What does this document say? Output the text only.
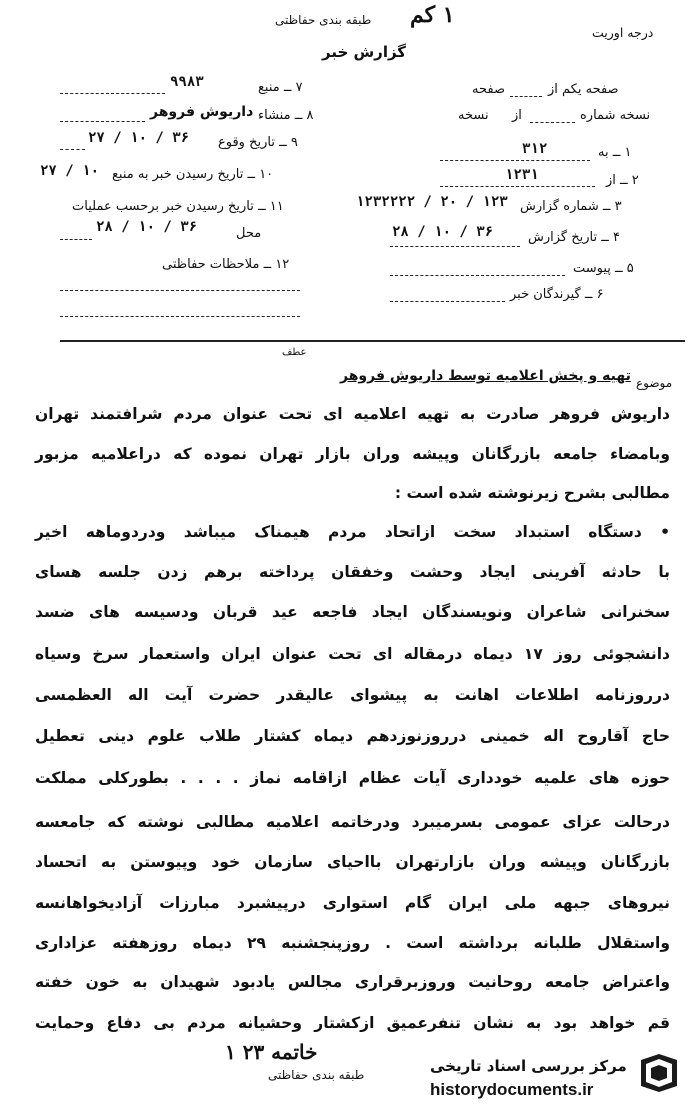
درجه اوریت
۱ کم
طبقه بندی حفاظتی
گزارش خبر
صفحه یکم از
صفحه
نسخه شماره
از
نسخه
۱ ــ به
۳۱۲
۲ ــ از
۱۲۳۱
۳ ــ شماره گزارش
۱۲۳۲۲۲۲ / ۲۰ / ۱۲۳
۴ ــ تاریخ گزارش
۲۸ / ۱۰ / ۳۶
۵ ــ پیوست
۶ ــ گیرندگان خبر
۷ ــ منبع
۹۹۸۳
۸ ــ منشاء
داریوش فروهر
۹ ــ تاریخ وقوع
۲۷ / ۱۰ / ۳۶
۱۰ ــ تاریخ رسیدن خبر به منبع
۲۷ / ۱۰
۱۱ ــ تاریخ رسیدن خبر برحسب عملیات
محل
۲۸ / ۱۰ / ۳۶
۱۲ ــ ملاحظات حفاظتی
موضوع
تهیه و پخش اعلامیه توسط داریوش فروهر
عطف
داریوش فروهر صادرت به تهیه اعلامیه ای تحت عنوان مردم شرافتمند تهران
وبامضاء جامعه بازرگانان وپیشه وران بازار تهران نموده که دراعلامیه مزبور
مطالبی بشرح زیرنوشته شده است :
• دستگاه استبداد سخت ازاتحاد مردم هیمناک میباشد ودردوماهه اخیر
با حادثه آفرینی ایجاد وحشت وخفقان پرداخته برهم زدن جلسه هسای
سخنرانی شاعران ونویسندگان ایجاد فاجعه عید قربان ودسیسه های ضسد
دانشجوئی روز ۱۷ دیماه درمقاله ای تحت عنوان ایران واستعمار سرخ وسیاه
درروزنامه اطلاعات اهانت به پیشوای عالیقدر حضرت آیت اله العظمسی
حاج آقاروح اله خمینی درروزنوزدهم دیماه کشتار طلاب علوم دینی تعطیل
حوزه های علمیه خودداری آیات عظام ازاقامه نماز . . . . بطورکلی مملکت
درحالت عزای عمومی بسرمیبرد ودرخاتمه اعلامیه مطالبی نوشته که جامعسه
بازرگانان وپیشه وران بازارتهران بااحیای سازمان خود وپیوستن به اتحساد
نیروهای جبهه ملی ایران گام استواری درپیشبرد مبارزات آزادیخواهانسه
واستقلال طلبانه برداشته است . روزپنجشنبه ۲۹ دیماه روزهفته عزاداری
واعتراض جامعه روحانیت وروزبرقراری مجالس یادبود شهیدان به خون خفته
قم خواهد بود به نشان تنفرعمیق ازکشتار وحشیانه مردم بی دفاع وحمایت
خاتمه ۲۳ ۱
طبقه بندی حفاظتی	مرکز بررسی اسناد تاریخی
historydocuments.ir
